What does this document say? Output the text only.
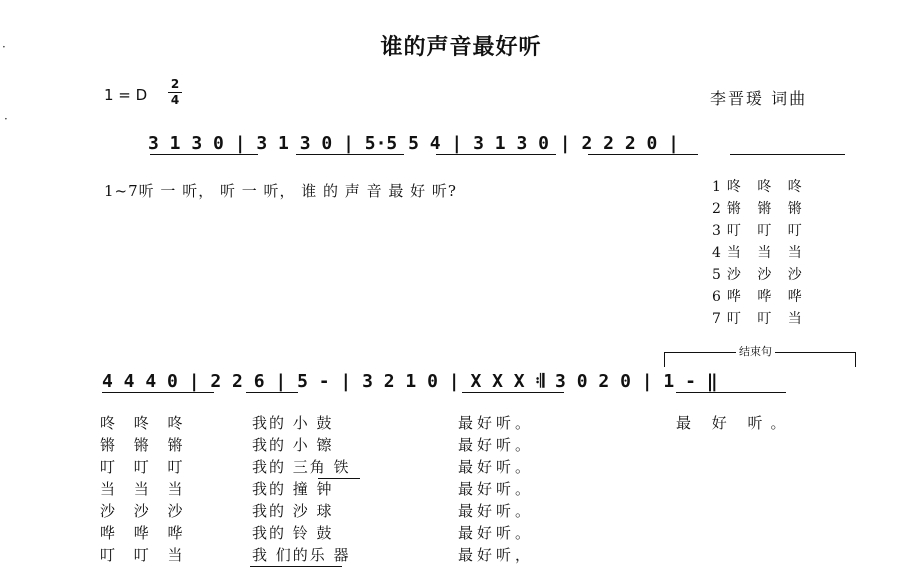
谁的声音最好听
1 = D
2
4	李晋瑗 词曲
3 1 3 0 | 3 1 3 0 | 5·5 5 4 | 3 1 3 0 | 2 2 2 0 |
1~7听 一 听， 听 一 听， 谁 的 声 音 最 好 听?	1咚 咚 咚
2锵 锵 锵
3叮 叮 叮
4当 当 当
5沙 沙 沙
6哗 哗 哗
7叮 叮 当
结束句
4 4 4 0 | 2 2 6 | 5 - | 3 2 1 0 | X X X 𝄇 3 0 2 0 | 1 - ‖
咚 咚 咚
锵 锵 锵
叮 叮 叮
当 当 当
沙 沙 沙
哗 哗 哗
叮 叮 当
我的 小 鼓
我的 小 镲
我的 三角 铁
我的 撞 钟
我的 沙 球
我的 铃 鼓
我 们的乐 器
最好听。
最好听。
最好听。
最好听。
最好听。
最好听。
最好听，
最 好 听。
·
·
